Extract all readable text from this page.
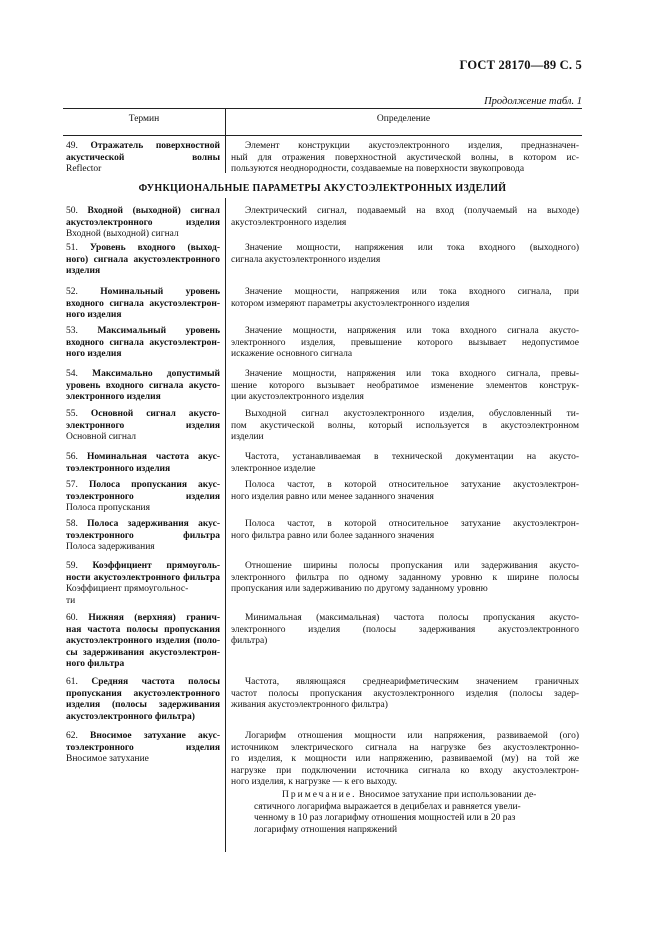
ГОСТ 28170—89 С. 5
Продолжение табл. 1
Термин	Определение
ФУНКЦИОНАЛЬНЫЕ ПАРАМЕТРЫ АКУСТОЭЛЕКТРОННЫХ ИЗДЕЛИЙ
49. Отражатель поверхностной
акустической волны
Reflector
Элемент конструкции акустоэлектронного изделия, предназначен-
ный для отражения поверхностной акустической волны, в котором ис-
пользуются неоднородности, создаваемые на поверхности звукопровода
50. Входной (выходной) сигнал
акустоэлектронного изделия
Входной (выходной) сигнал
Электрический сигнал, подаваемый на вход (получаемый на выходе)
акустоэлектронного изделия
51. Уровень входного (выход-
ного) сигнала акустоэлектронного
изделия
Значение мощности, напряжения или тока входного (выходного)
сигнала акустоэлектронного изделия
52. Номинальный уровень
входного сигнала акустоэлектрон-
ного изделия
Значение мощности, напряжения или тока входного сигнала, при
котором измеряют параметры акустоэлектронного изделия
53. Максимальный уровень
входного сигнала акустоэлектрон-
ного изделия
Значение мощности, напряжения или тока входного сигнала акусто-
электронного изделия, превышение которого вызывает недопустимое
искажение основного сигнала
54. Максимально допустимый
уровень входного сигнала акусто-
электронного изделия
Значение мощности, напряжения или тока входного сигнала, превы-
шение которого вызывает необратимое изменение элементов конструк-
ции акустоэлектронного изделия
55. Основной сигнал акусто-
электронного изделия
Основной сигнал
Выходной сигнал акустоэлектронного изделия, обусловленный ти-
пом акустической волны, который используется в акустоэлектронном
изделии
56. Номинальная частота акус-
тоэлектронного изделия
Частота, устанавливаемая в технической документации на акусто-
электронное изделие
57. Полоса пропускания акус-
тоэлектронного изделия
Полоса пропускания
Полоса частот, в которой относительное затухание акустоэлектрон-
ного изделия равно или менее заданного значения
58. Полоса задерживания акус-
тоэлектронного фильтра
Полоса задерживания
Полоса частот, в которой относительное затухание акустоэлектрон-
ного фильтра равно или более заданного значения
59. Коэффициент прямоуголь-
ности акустоэлектронного фильтра
Коэффициент прямоугольнос-
ти
Отношение ширины полосы пропускания или задерживания акусто-
электронного фильтра по одному заданному уровню к ширине полосы
пропускания или задерживанию по другому заданному уровню
60. Нижняя (верхняя) гранич-
ная частота полосы пропускания
акустоэлектронного изделия (поло-
сы задерживания акустоэлектрон-
ного фильтра
Минимальная (максимальная) частота полосы пропускания акусто-
электронного изделия (полосы задерживания акустоэлектронного
фильтра)
61. Средняя частота полосы
пропускания акустоэлектронного
изделия (полосы задерживания
акустоэлектронного фильтра)
Частота, являющаяся среднеарифметическим значением граничных
частот полосы пропускания акустоэлектронного изделия (полосы задер-
живания акустоэлектронного фильтра)
62. Вносимое затухание акус-
тоэлектронного изделия
Вносимое затухание
Логарифм отношения мощности или напряжения, развиваемой (ого)
источником электрического сигнала на нагрузке без акустоэлектронно-
го изделия, к мощности или напряжению, развиваемой (му) на той же
нагрузке при подключении источника сигнала ко входу акустоэлектрон-
ного изделия, к нагрузке — к его выходу.
Примечание. Вносимое затухание при использовании де-
сятичного логарифма выражается в децибелах и равняется увели-
ченному в 10 раз логарифму отношения мощностей или в 20 раз
логарифму отношения напряжений
